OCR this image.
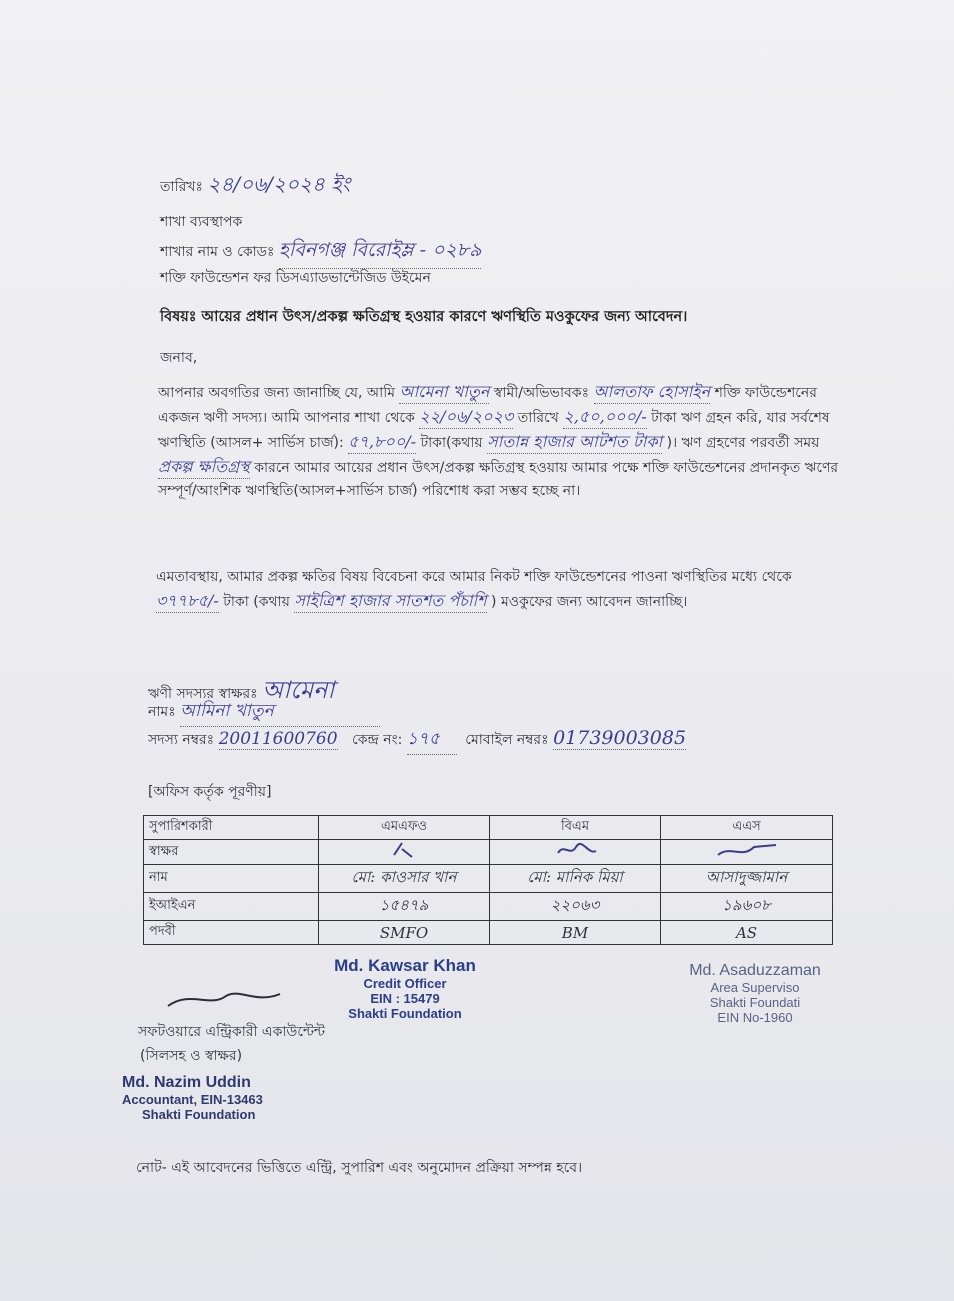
তারিখঃ ২৪/০৬/২০২৪ ইং
শাখা ব্যবস্থাপক
শাখার নাম ও কোডঃ হবিনগঞ্জ বিরোইম্ল - ০২৮৯
শক্তি ফাউন্ডেশন ফর ডিসএ্যাডভান্টেজিড উইমেন
বিষয়ঃ আয়ের প্রধান উৎস/প্রকল্প ক্ষতিগ্রস্থ হওয়ার কারণে ঋণস্থিতি মওকুফের জন্য আবেদন।
জনাব,
আপনার অবগতির জন্য জানাচ্ছি যে, আমি আমেনা খাতুন স্বামী/অভিভাবকঃ আলতাফ হোসাইন শক্তি ফাউন্ডেশনের একজন ঋণী সদস্য। আমি আপনার শাখা থেকে ২২/০৬/২০২৩ তারিখে ২,৫০,০০০/- টাকা ঋণ গ্রহন করি, যার সর্বশেষ ঋণস্থিতি (আসল+ সার্ভিস চার্জ): ৫৭,৮০০/- টাকা(কথায় সাতান্ন হাজার আটশত টাকা )। ঋণ গ্রহণের পরবর্তী সময় প্রকল্প ক্ষতিগ্রস্থ কারনে আমার আয়ের প্রধান উৎস/প্রকল্প ক্ষতিগ্রস্থ হওয়ায় আমার পক্ষে শক্তি ফাউন্ডেশনের প্রদানকৃত ঋণের সম্পূর্ণ/আংশিক ঋণস্থিতি(আসল+সার্ভিস চার্জ) পরিশোধ করা সম্ভব হচ্ছে না।
এমতাবস্থায়, আমার প্রকল্প ক্ষতির বিষয় বিবেচনা করে আমার নিকট শক্তি ফাউন্ডেশনের পাওনা ঋণস্থিতির মধ্যে থেকে ৩৭৭৮৫/- টাকা (কথায় সাইত্রিশ হাজার সাতশত পঁচাশি ) মওকুফের জন্য আবেদন জানাচ্ছি।
ঋণী সদস্যর স্বাক্ষরঃ আমেনা
নামঃ আমিনা খাতুন
সদস্য নম্বরঃ 20011600760 কেন্দ্র নং: ১৭৫ মোবাইল নম্বরঃ 01739003085
[অফিস কর্তৃক পূরণীয়]
সুপারিশকারী	এমএফও	বিএম	এএস
স্বাক্ষর			
নাম	মো: কাওসার খান	মো: মানিক মিয়া	আসাদুজ্জামান
ইআইএন	১৫৪৭৯	২২০৬৩	১৯৬০৮
পদবী	SMFO	BM	AS
Md. Kawsar Khan
Credit Officer
EIN : 15479
Shakti Foundation
Md. Asaduzzaman
Area Superviso
Shakti Foundati
EIN No-1960
সফটওয়ারে এন্ট্রিকারী একাউন্টেন্ট
(সিলসহ ও স্বাক্ষর)
Md. Nazim Uddin
Accountant, EIN-13463
Shakti Foundation
নোট- এই আবেদনের ভিত্তিতে এন্ট্রি, সুপারিশ এবং অনুমোদন প্রক্রিয়া সম্পন্ন হবে।
